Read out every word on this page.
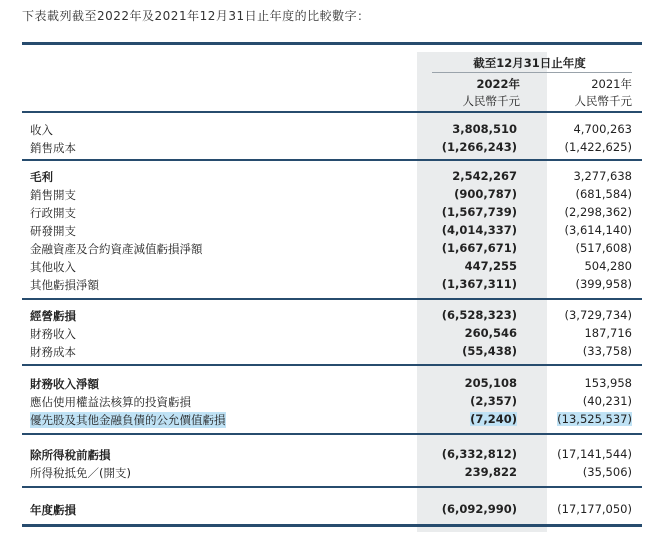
下表載列截至2022年及2021年12月31日止年度的比較數字：
截至12月31日止年度
2022年
人民幣千元
2021年
人民幣千元
收入	3,808,510	4,700,263
銷售成本	(1,266,243)	(1,422,625)
毛利	2,542,267	3,277,638
銷售開支	(900,787)	(681,584)
行政開支	(1,567,739)	(2,298,362)
研發開支	(4,014,337)	(3,614,140)
金融資產及合約資產減值虧損淨額	(1,667,671)	(517,608)
其他收入	447,255	504,280
其他虧損淨額	(1,367,311)	(399,958)
經營虧損	(6,528,323)	(3,729,734)
財務收入	260,546	187,716
財務成本	(55,438)	(33,758)
財務收入淨額	205,108	153,958
應佔使用權益法核算的投資虧損	(2,357)	(40,231)
優先股及其他金融負債的公允價值虧損	(7,240)	(13,525,537)
除所得稅前虧損	(6,332,812)	(17,141,544)
所得稅抵免／(開支)	239,822	(35,506)
年度虧損	(6,092,990)	(17,177,050)
